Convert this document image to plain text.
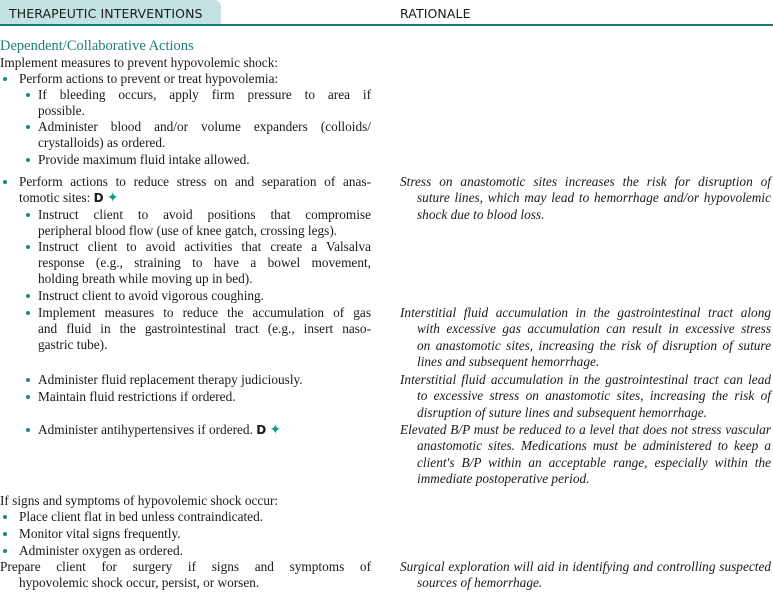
THERAPEUTIC INTERVENTIONS	RATIONALE
Dependent/Collaborative Actions
Implement measures to prevent hypovolemic shock:
Perform actions to prevent or treat hypovolemia:
If bleeding occurs, apply firm pressure to area if
possible.
Administer blood and/or volume expanders (colloids/
crystalloids) as ordered.
Provide maximum fluid intake allowed.
Perform actions to reduce stress on and separation of anas-
tomotic sites: D ✦
Instruct client to avoid positions that compromise
peripheral blood flow (use of knee gatch, crossing legs).
Instruct client to avoid activities that create a Valsalva
response (e.g., straining to have a bowel movement,
holding breath while moving up in bed).
Instruct client to avoid vigorous coughing.
Implement measures to reduce the accumulation of gas
and fluid in the gastrointestinal tract (e.g., insert naso-
gastric tube).
Administer fluid replacement therapy judiciously.
Maintain fluid restrictions if ordered.
Administer antihypertensives if ordered. D ✦
If signs and symptoms of hypovolemic shock occur:
Place client flat in bed unless contraindicated.
Monitor vital signs frequently.
Administer oxygen as ordered.
Prepare client for surgery if signs and symptoms of
hypovolemic shock occur, persist, or worsen.
Stress on anastomotic sites increases the risk for disruption of
suture lines, which may lead to hemorrhage and/or hypovolemic
shock due to blood loss.
Interstitial fluid accumulation in the gastrointestinal tract along
with excessive gas accumulation can result in excessive stress
on anastomotic sites, increasing the risk of disruption of suture
lines and subsequent hemorrhage.
Interstitial fluid accumulation in the gastrointestinal tract can lead
to excessive stress on anastomotic sites, increasing the risk of
disruption of suture lines and subsequent hemorrhage.
Elevated B/P must be reduced to a level that does not stress vascular
anastomotic sites. Medications must be administered to keep a
client's B/P within an acceptable range, especially within the
immediate postoperative period.
Surgical exploration will aid in identifying and controlling suspected
sources of hemorrhage.
